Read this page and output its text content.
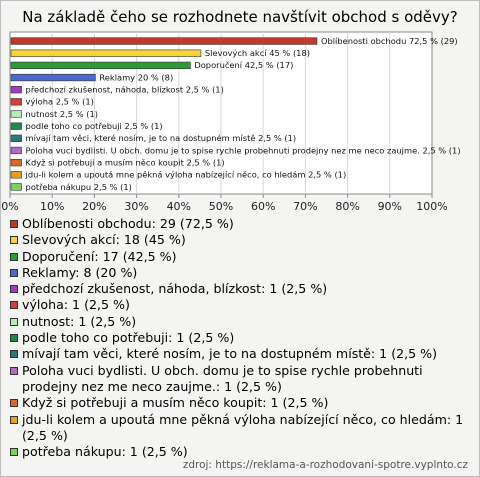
Na základě čeho se rozhodnete navštívit obchod s oděvy?
0% 10% 20% 30% 40% 50% 60% 70% 80% 90% 100%
Oblíbenosti obchodu 72,5 % (29)
Slevových akcí 45 % (18)
Doporučení 42,5 % (17)
Reklamy 20 % (8)
předchozí zkušenost, náhoda, blízkost 2,5 % (1)
výloha 2,5 % (1)
nutnost 2,5 % (1)
podle toho co potřebuji 2,5 % (1)
mívají tam věci, které nosím, je to na dostupném místě 2,5 % (1)
Poloha vuci bydlisti. U obch. domu je to spise rychle probehnuti prodejny nez me neco zaujme. 2,5 % (1)
Když si potřebuji a musím něco koupit 2,5 % (1)
jdu-li kolem a upoutá mne pěkná výloha nabízející něco, co hledám 2,5 % (1)
potřeba nákupu 2,5 % (1)
Oblíbenosti obchodu: 29 (72,5 %)
Slevových akcí: 18 (45 %)
Doporučení: 17 (42,5 %)
Reklamy: 8 (20 %)
předchozí zkušenost, náhoda, blízkost: 1 (2,5 %)
výloha: 1 (2,5 %)
nutnost: 1 (2,5 %)
podle toho co potřebuji: 1 (2,5 %)
mívají tam věci, které nosím, je to na dostupném místě: 1 (2,5 %)
Poloha vuci bydlisti. U obch. domu je to spise rychle probehnuti prodejny nez me neco zaujme.: 1 (2,5 %)
Když si potřebuji a musím něco koupit: 1 (2,5 %)
jdu-li kolem a upoutá mne pěkná výloha nabízející něco, co hledám: 1 (2,5 %)
potřeba nákupu: 1 (2,5 %)
zdroj: https://reklama-a-rozhodovani-spotre.vyplnto.cz
